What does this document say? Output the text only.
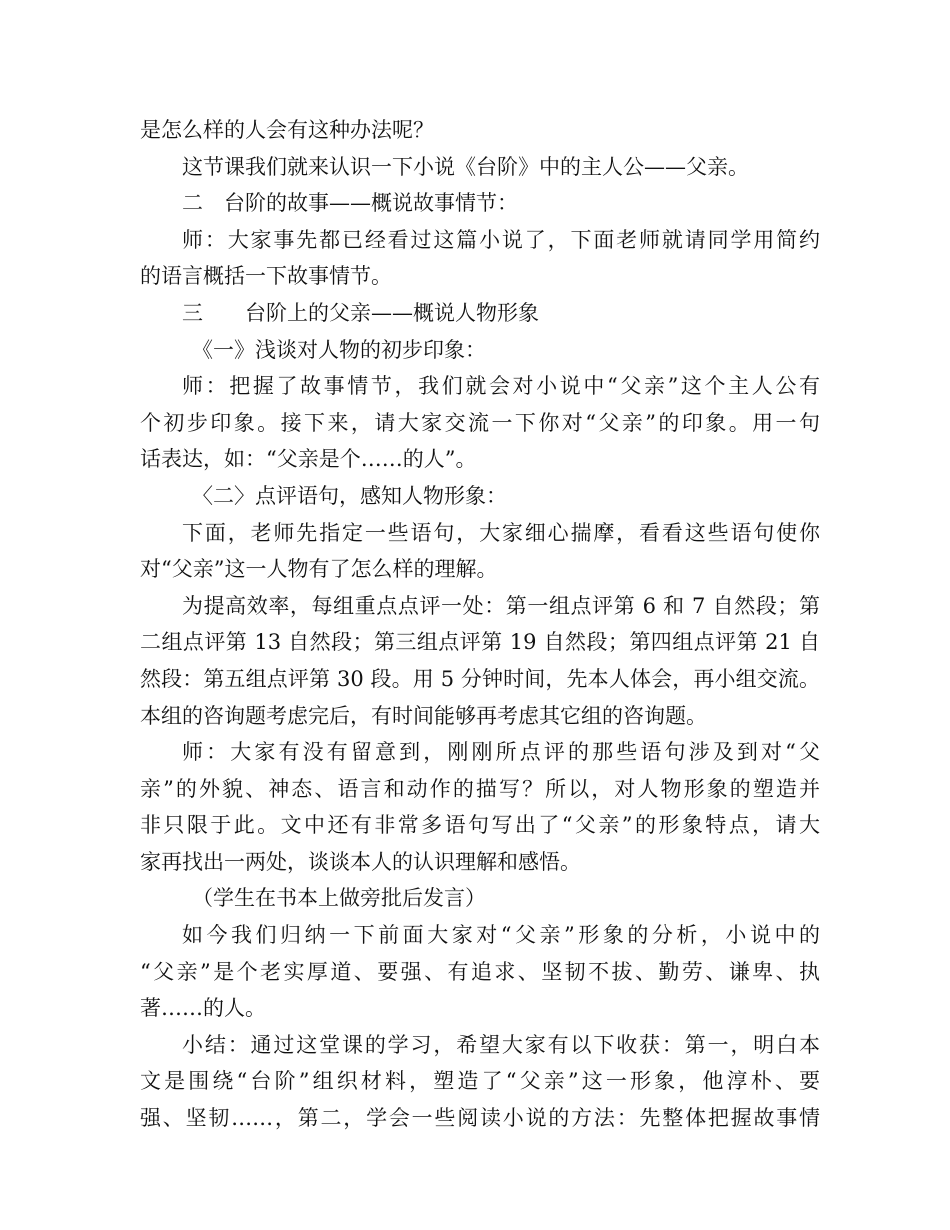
是怎么样的人会有这种办法呢？
这节课我们就来认识一下小说《台阶》中的主人公——父亲。
二　台阶的故事——概说故事情节：
师：大家事先都已经看过这篇小说了，下面老师就请同学用简约
的语言概括一下故事情节。
三　　台阶上的父亲——概说人物形象
《一》浅谈对人物的初步印象：
师：把握了故事情节，我们就会对小说中“父亲”这个主人公有
个初步印象。接下来，请大家交流一下你对“父亲”的印象。用一句
话表达，如：“父亲是个……的人”。
〈二〉点评语句，感知人物形象：
下面，老师先指定一些语句，大家细心揣摩，看看这些语句使你
对“父亲”这一人物有了怎么样的理解。
为提高效率，每组重点点评一处：第一组点评第 6 和 7 自然段；第
二组点评第 13 自然段；第三组点评第 19 自然段；第四组点评第 21 自
然段：第五组点评第 30 段。用 5 分钟时间，先本人体会，再小组交流。
本组的咨询题考虑完后，有时间能够再考虑其它组的咨询题。
师：大家有没有留意到，刚刚所点评的那些语句涉及到对“父
亲”的外貌、神态、语言和动作的描写？所以，对人物形象的塑造并
非只限于此。文中还有非常多语句写出了“父亲”的形象特点，请大
家再找出一两处，谈谈本人的认识理解和感悟。
（学生在书本上做旁批后发言）
如今我们归纳一下前面大家对“父亲”形象的分析，小说中的
“父亲”是个老实厚道、要强、有追求、坚韧不拔、勤劳、谦卑、执
著……的人。
小结：通过这堂课的学习，希望大家有以下收获：第一，明白本
文是围绕“台阶”组织材料，塑造了“父亲”这一形象，他淳朴、要
强、坚韧……，第二，学会一些阅读小说的方法：先整体把握故事情
